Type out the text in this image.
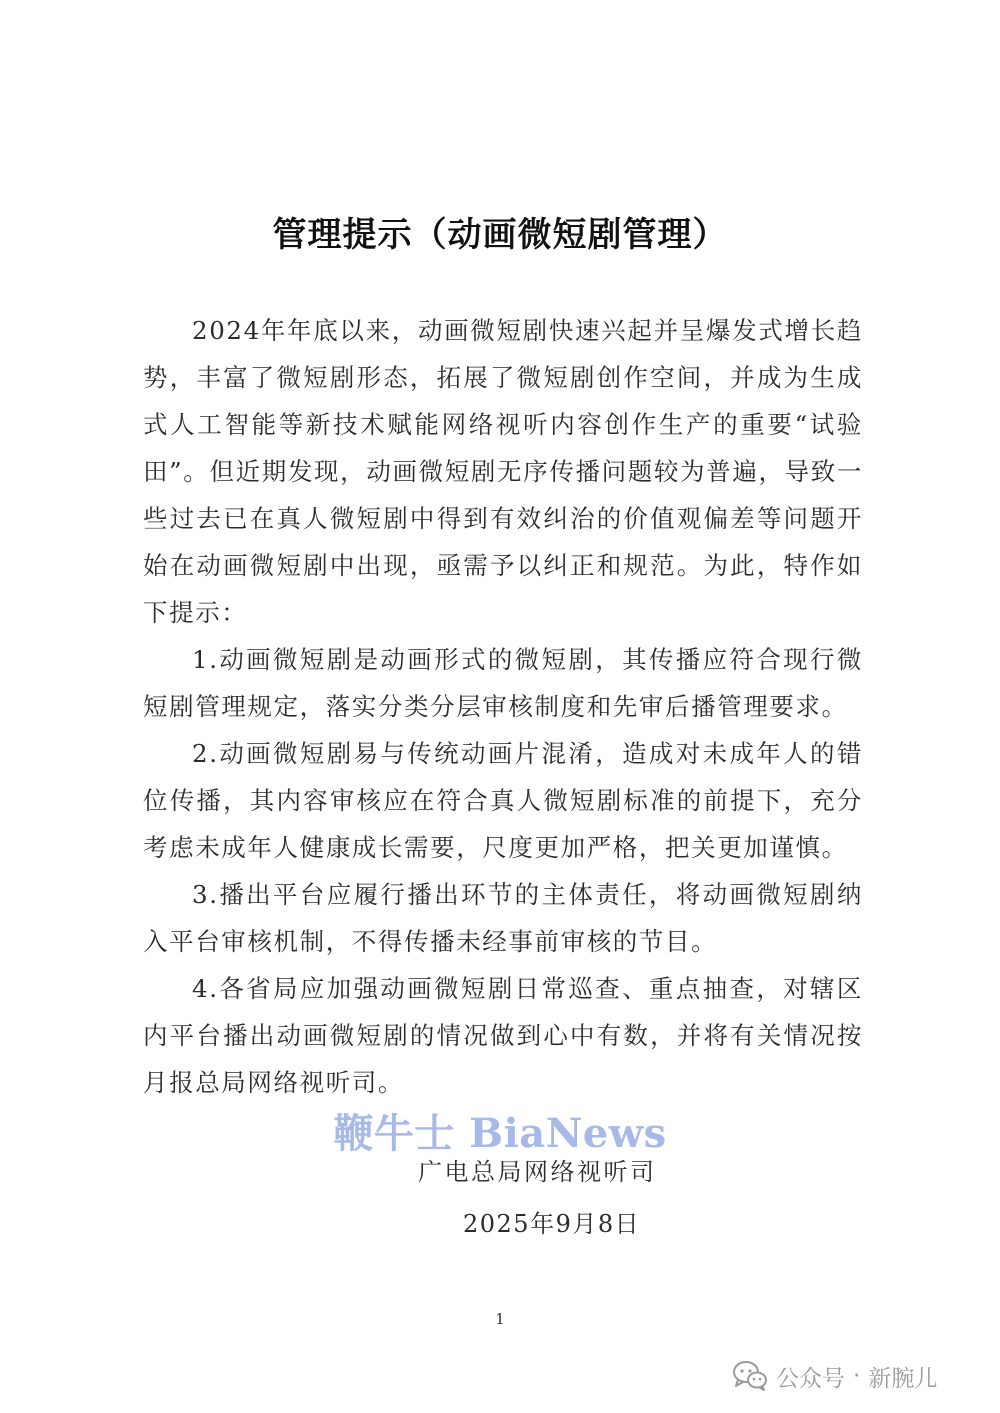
管理提示（动画微短剧管理）

2024年年底以来，动画微短剧快速兴起并呈爆发式增长趋势，丰富了微短剧形态，拓展了微短剧创作空间，并成为生成式人工智能等新技术赋能网络视听内容创作生产的重要“试验田”。但近期发现，动画微短剧无序传播问题较为普遍，导致一些过去已在真人微短剧中得到有效纠治的价值观偏差等问题开始在动画微短剧中出现，亟需予以纠正和规范。为此，特作如下提示：

1.动画微短剧是动画形式的微短剧，其传播应符合现行微短剧管理规定，落实分类分层审核制度和先审后播管理要求。

2.动画微短剧易与传统动画片混淆，造成对未成年人的错位传播，其内容审核应在符合真人微短剧标准的前提下，充分考虑未成年人健康成长需要，尺度更加严格，把关更加谨慎。

3.播出平台应履行播出环节的主体责任，将动画微短剧纳入平台审核机制，不得传播未经事前审核的节目。

4.各省局应加强动画微短剧日常巡查、重点抽查，对辖区内平台播出动画微短剧的情况做到心中有数，并将有关情况按月报总局网络视听司。

鞭牛士 BiaNews
广电总局网络视听司
2025年9月8日
1
公众号 · 新腕儿
